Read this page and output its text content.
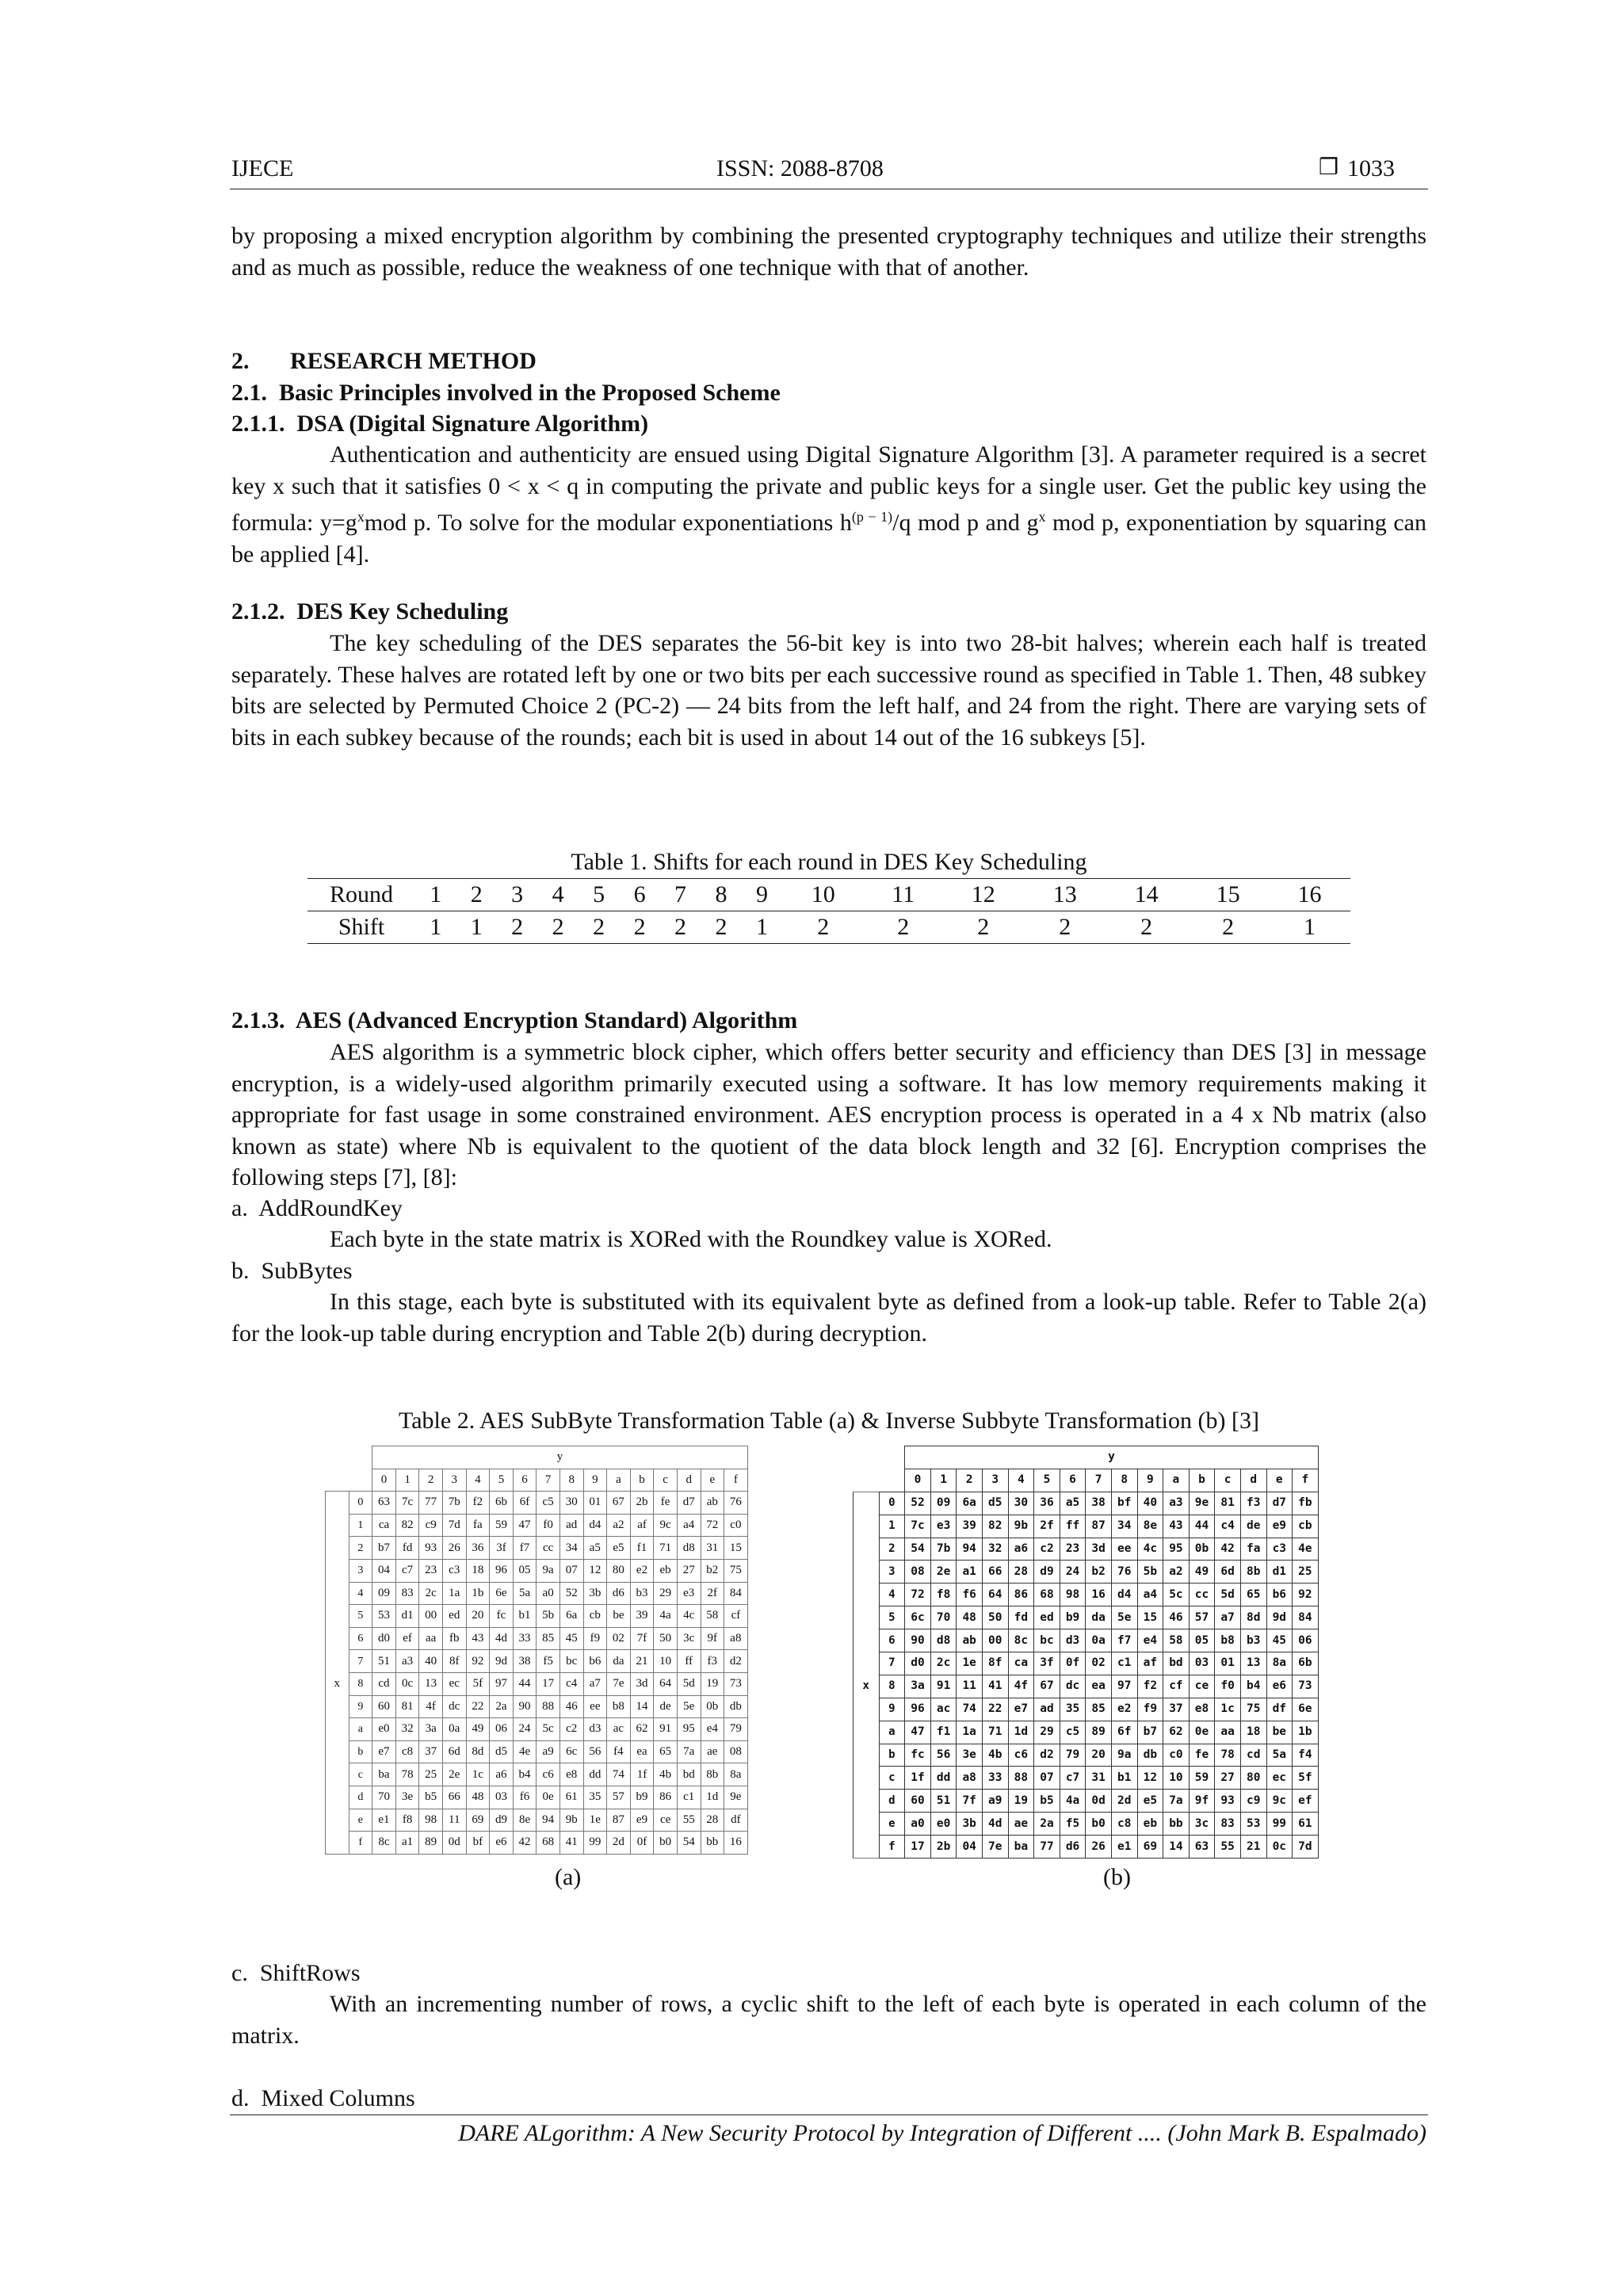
IJECE	ISSN: 2088-8708	❒ 1033

by proposing a mixed encryption algorithm by combining the presented cryptography techniques and utilize their strengths and as much as possible, reduce the weakness of one technique with that of another.

2. RESEARCH METHOD
2.1.  Basic Principles involved in the Proposed Scheme
2.1.1.  DSA (Digital Signature Algorithm)

Authentication and authenticity are ensued using Digital Signature Algorithm [3]. A parameter required is a secret key x such that it satisfies 0 < x < q in computing the private and public keys for a single user. Get the public key using the formula: $y=g^xmod$ p. To solve for the modular exponentiations $h^{(p - 1)}/q$ mod p and $g^x$ mod p, exponentiation by squaring can be applied [4].

2.1.2.  DES Key Scheduling

The key scheduling of the DES separates the 56-bit key is into two 28-bit halves; wherein each half is treated separately. These halves are rotated left by one or two bits per each successive round as specified in Table 1. Then, 48 subkey bits are selected by Permuted Choice 2 (PC-2) — 24 bits from the left half, and 24 from the right. There are varying sets of bits in each subkey because of the rounds; each bit is used in about 14 out of the 16 subkeys [5].

Table 1. Shifts for each round in DES Key Scheduling
Round	1	2	3	4	5	6	7	8	9	10	11	12	13	14	15	16
Shift	1	1	2	2	2	2	2	2	1	2	2	2	2	2	2	1
2.1.3.  AES (Advanced Encryption Standard) Algorithm

AES algorithm is a symmetric block cipher, which offers better security and efficiency than DES [3] in message encryption, is a widely-used algorithm primarily executed using a software. It has low memory requirements making it appropriate for fast usage in some constrained environment. AES encryption process is operated in a 4 x Nb matrix (also known as state) where Nb is equivalent to the quotient of the data block length and 32 [6]. Encryption comprises the following steps [7], [8]:

a.  AddRoundKey

Each byte in the state matrix is XORed with the Roundkey value is XORed.

b.  SubBytes

In this stage, each byte is substituted with its equivalent byte as defined from a look-up table. Refer to Table 2(a) for the look-up table during encryption and Table 2(b) during decryption.

Table 2. AES SubByte Transformation Table (a) & Inverse Subbyte Transformation (b) [3]
		y															
		0	1	2	3	4	5	6	7	8	9	a	b	c	d	e	f
	0	63	7c	77	7b	f2	6b	6f	c5	30	01	67	2b	fe	d7	ab	76
	1	ca	82	c9	7d	fa	59	47	f0	ad	d4	a2	af	9c	a4	72	c0
	2	b7	fd	93	26	36	3f	f7	cc	34	a5	e5	f1	71	d8	31	15
	3	04	c7	23	c3	18	96	05	9a	07	12	80	e2	eb	27	b2	75
	4	09	83	2c	1a	1b	6e	5a	a0	52	3b	d6	b3	29	e3	2f	84
	5	53	d1	00	ed	20	fc	b1	5b	6a	cb	be	39	4a	4c	58	cf
	6	d0	ef	aa	fb	43	4d	33	85	45	f9	02	7f	50	3c	9f	a8
	7	51	a3	40	8f	92	9d	38	f5	bc	b6	da	21	10	ff	f3	d2
x	8	cd	0c	13	ec	5f	97	44	17	c4	a7	7e	3d	64	5d	19	73
	9	60	81	4f	dc	22	2a	90	88	46	ee	b8	14	de	5e	0b	db
	a	e0	32	3a	0a	49	06	24	5c	c2	d3	ac	62	91	95	e4	79
	b	e7	c8	37	6d	8d	d5	4e	a9	6c	56	f4	ea	65	7a	ae	08
	c	ba	78	25	2e	1c	a6	b4	c6	e8	dd	74	1f	4b	bd	8b	8a
	d	70	3e	b5	66	48	03	f6	0e	61	35	57	b9	86	c1	1d	9e
	e	e1	f8	98	11	69	d9	8e	94	9b	1e	87	e9	ce	55	28	df
	f	8c	a1	89	0d	bf	e6	42	68	41	99	2d	0f	b0	54	bb	16
		y															
		0	1	2	3	4	5	6	7	8	9	a	b	c	d	e	f
	0	52	09	6a	d5	30	36	a5	38	bf	40	a3	9e	81	f3	d7	fb
	1	7c	e3	39	82	9b	2f	ff	87	34	8e	43	44	c4	de	e9	cb
	2	54	7b	94	32	a6	c2	23	3d	ee	4c	95	0b	42	fa	c3	4e
	3	08	2e	a1	66	28	d9	24	b2	76	5b	a2	49	6d	8b	d1	25
	4	72	f8	f6	64	86	68	98	16	d4	a4	5c	cc	5d	65	b6	92
	5	6c	70	48	50	fd	ed	b9	da	5e	15	46	57	a7	8d	9d	84
	6	90	d8	ab	00	8c	bc	d3	0a	f7	e4	58	05	b8	b3	45	06
	7	d0	2c	1e	8f	ca	3f	0f	02	c1	af	bd	03	01	13	8a	6b
x	8	3a	91	11	41	4f	67	dc	ea	97	f2	cf	ce	f0	b4	e6	73
	9	96	ac	74	22	e7	ad	35	85	e2	f9	37	e8	1c	75	df	6e
	a	47	f1	1a	71	1d	29	c5	89	6f	b7	62	0e	aa	18	be	1b
	b	fc	56	3e	4b	c6	d2	79	20	9a	db	c0	fe	78	cd	5a	f4
	c	1f	dd	a8	33	88	07	c7	31	b1	12	10	59	27	80	ec	5f
	d	60	51	7f	a9	19	b5	4a	0d	2d	e5	7a	9f	93	c9	9c	ef
	e	a0	e0	3b	4d	ae	2a	f5	b0	c8	eb	bb	3c	83	53	99	61
	f	17	2b	04	7e	ba	77	d6	26	e1	69	14	63	55	21	0c	7d
(a)	(b)
c.  ShiftRows

With an incrementing number of rows, a cyclic shift to the left of each byte is operated in each column of the matrix.

d.  Mixed Columns
DARE ALgorithm: A New Security Protocol by Integration of Different .... (John Mark B. Espalmado)
